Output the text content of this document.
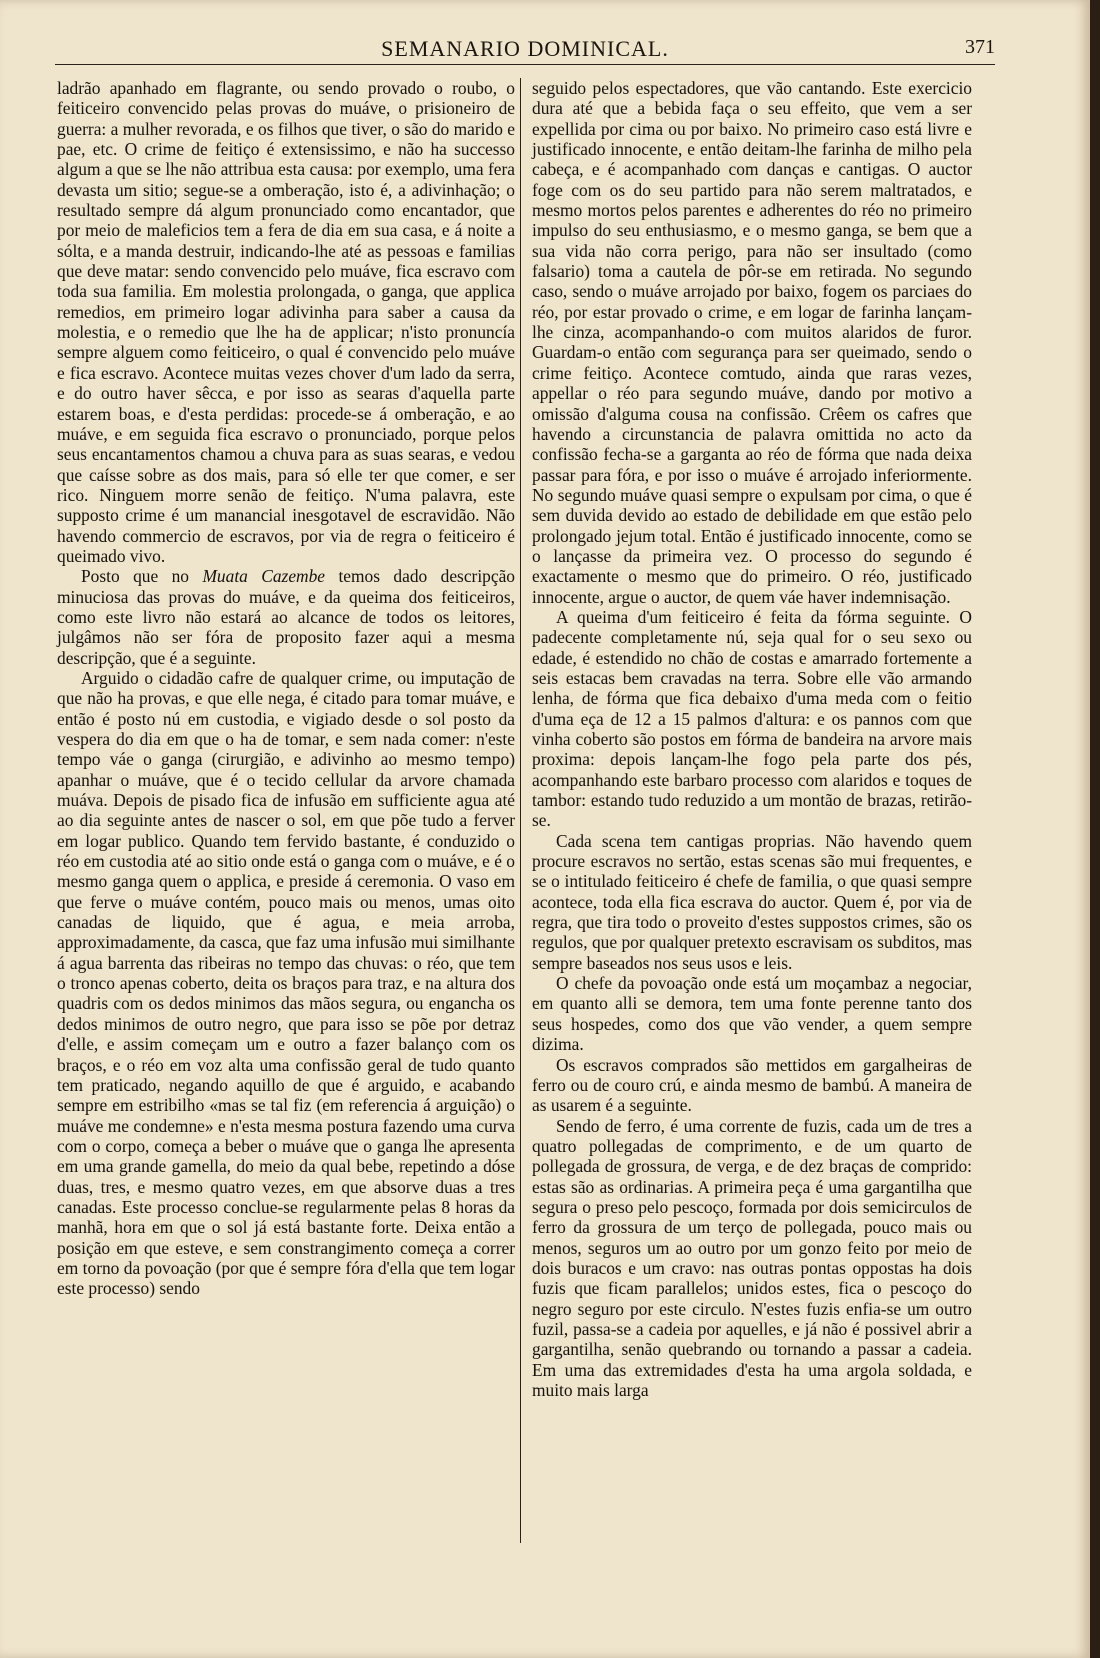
SEMANARIO DOMINICAL.	371

ladrão apanhado em flagrante, ou sendo provado o roubo, o feiticeiro convencido pelas provas do muáve, o prisioneiro de guerra: a mulher revorada, e os filhos que tiver, o são do marido e pae, etc. O crime de feitiço é extensissimo, e não ha successo algum a que se lhe não attribua esta causa: por exemplo, uma fera devasta um sitio; segue-se a omberação, isto é, a adivinhação; o resultado sempre dá algum pronunciado como encantador, que por meio de maleficios tem a fera de dia em sua casa, e á noite a sólta, e a manda destruir, indicando-lhe até as pessoas e familias que deve matar: sendo convencido pelo muáve, fica escravo com toda sua familia. Em molestia prolongada, o ganga, que applica remedios, em primeiro logar adivinha para saber a causa da molestia, e o remedio que lhe ha de applicar; n'isto pronuncía sempre alguem como feiticeiro, o qual é convencido pelo muáve e fica escravo. Acontece muitas vezes chover d'um lado da serra, e do outro haver sêcca, e por isso as searas d'aquella parte estarem boas, e d'esta perdidas: procede-se á omberação, e ao muáve, e em seguida fica escravo o pronunciado, porque pelos seus encantamentos chamou a chuva para as suas searas, e vedou que caísse sobre as dos mais, para só elle ter que comer, e ser rico. Ninguem morre senão de feitiço. N'uma palavra, este supposto crime é um manancial inesgotavel de escravidão. Não havendo commercio de escravos, por via de regra o feiticeiro é queimado vivo.

Posto que no Muata Cazembe temos dado descripção minuciosa das provas do muáve, e da queima dos feiticeiros, como este livro não estará ao alcance de todos os leitores, julgâmos não ser fóra de proposito fazer aqui a mesma descripção, que é a seguinte.

Arguido o cidadão cafre de qualquer crime, ou imputação de que não ha provas, e que elle nega, é citado para tomar muáve, e então é posto nú em custodia, e vigiado desde o sol posto da vespera do dia em que o ha de tomar, e sem nada comer: n'este tempo váe o ganga (cirurgião, e adivinho ao mesmo tempo) apanhar o muáve, que é o tecido cellular da arvore chamada muáva. Depois de pisado fica de infusão em sufficiente agua até ao dia seguinte antes de nascer o sol, em que põe tudo a ferver em logar publico. Quando tem fervido bastante, é conduzido o réo em custodia até ao sitio onde está o ganga com o muáve, e é o mesmo ganga quem o applica, e preside á ceremonia. O vaso em que ferve o muáve contém, pouco mais ou menos, umas oito canadas de liquido, que é agua, e meia arroba, approximadamente, da casca, que faz uma infusão mui similhante á agua barrenta das ribeiras no tempo das chuvas: o réo, que tem o tronco apenas coberto, deita os braços para traz, e na altura dos quadris com os dedos minimos das mãos segura, ou engancha os dedos minimos de outro negro, que para isso se põe por detraz d'elle, e assim começam um e outro a fazer balanço com os braços, e o réo em voz alta uma confissão geral de tudo quanto tem praticado, negando aquillo de que é arguido, e acabando sempre em estribilho «mas se tal fiz (em referencia á arguição) o muáve me condemne» e n'esta mesma postura fazendo uma curva com o corpo, começa a beber o muáve que o ganga lhe apresenta em uma grande gamella, do meio da qual bebe, repetindo a dóse duas, tres, e mesmo quatro vezes, em que absorve duas a tres canadas. Este processo conclue-se regularmente pelas 8 horas da manhã, hora em que o sol já está bastante forte. Deixa então a posição em que esteve, e sem constrangimento começa a correr em torno da povoação (por que é sempre fóra d'ella que tem logar este processo) sendo

seguido pelos espectadores, que vão cantando. Este exercicio dura até que a bebida faça o seu effeito, que vem a ser expellida por cima ou por baixo. No primeiro caso está livre e justificado innocente, e então deitam-lhe farinha de milho pela cabeça, e é acompanhado com danças e cantigas. O auctor foge com os do seu partido para não serem maltratados, e mesmo mortos pelos parentes e adherentes do réo no primeiro impulso do seu enthusiasmo, e o mesmo ganga, se bem que a sua vida não corra perigo, para não ser insultado (como falsario) toma a cautela de pôr-se em retirada. No segundo caso, sendo o muáve arrojado por baixo, fogem os parciaes do réo, por estar provado o crime, e em logar de farinha lançam-lhe cinza, acompanhando-o com muitos alaridos de furor. Guardam-o então com segurança para ser queimado, sendo o crime feitiço. Acontece comtudo, ainda que raras vezes, appellar o réo para segundo muáve, dando por motivo a omissão d'alguma cousa na confissão. Crêem os cafres que havendo a circunstancia de palavra omittida no acto da confissão fecha-se a garganta ao réo de fórma que nada deixa passar para fóra, e por isso o muáve é arrojado inferiormente. No segundo muáve quasi sempre o expulsam por cima, o que é sem duvida devido ao estado de debilidade em que estão pelo prolongado jejum total. Então é justificado innocente, como se o lançasse da primeira vez. O processo do segundo é exactamente o mesmo que do primeiro. O réo, justificado innocente, argue o auctor, de quem váe haver indemnisação.

A queima d'um feiticeiro é feita da fórma seguinte. O padecente completamente nú, seja qual for o seu sexo ou edade, é estendido no chão de costas e amarrado fortemente a seis estacas bem cravadas na terra. Sobre elle vão armando lenha, de fórma que fica debaixo d'uma meda com o feitio d'uma eça de 12 a 15 palmos d'altura: e os pannos com que vinha coberto são postos em fórma de bandeira na arvore mais proxima: depois lançam-lhe fogo pela parte dos pés, acompanhando este barbaro processo com alaridos e toques de tambor: estando tudo reduzido a um montão de brazas, retirão-se.

Cada scena tem cantigas proprias. Não havendo quem procure escravos no sertão, estas scenas são mui frequentes, e se o intitulado feiticeiro é chefe de familia, o que quasi sempre acontece, toda ella fica escrava do auctor. Quem é, por via de regra, que tira todo o proveito d'estes suppostos crimes, são os regulos, que por qualquer pretexto escravisam os subditos, mas sempre baseados nos seus usos e leis.

O chefe da povoação onde está um moçambaz a negociar, em quanto alli se demora, tem uma fonte perenne tanto dos seus hospedes, como dos que vão vender, a quem sempre dizima.

Os escravos comprados são mettidos em gargalheiras de ferro ou de couro crú, e ainda mesmo de bambú. A maneira de as usarem é a seguinte.

Sendo de ferro, é uma corrente de fuzis, cada um de tres a quatro pollegadas de comprimento, e de um quarto de pollegada de grossura, de verga, e de dez braças de comprido: estas são as ordinarias. A primeira peça é uma gargantilha que segura o preso pelo pescoço, formada por dois semicirculos de ferro da grossura de um terço de pollegada, pouco mais ou menos, seguros um ao outro por um gonzo feito por meio de dois buracos e um cravo: nas outras pontas oppostas ha dois fuzis que ficam parallelos; unidos estes, fica o pescoço do negro seguro por este circulo. N'estes fuzis enfia-se um outro fuzil, passa-se a cadeia por aquelles, e já não é possivel abrir a gargantilha, senão quebrando ou tornando a passar a cadeia. Em uma das extremidades d'esta ha uma argola soldada, e muito mais larga
